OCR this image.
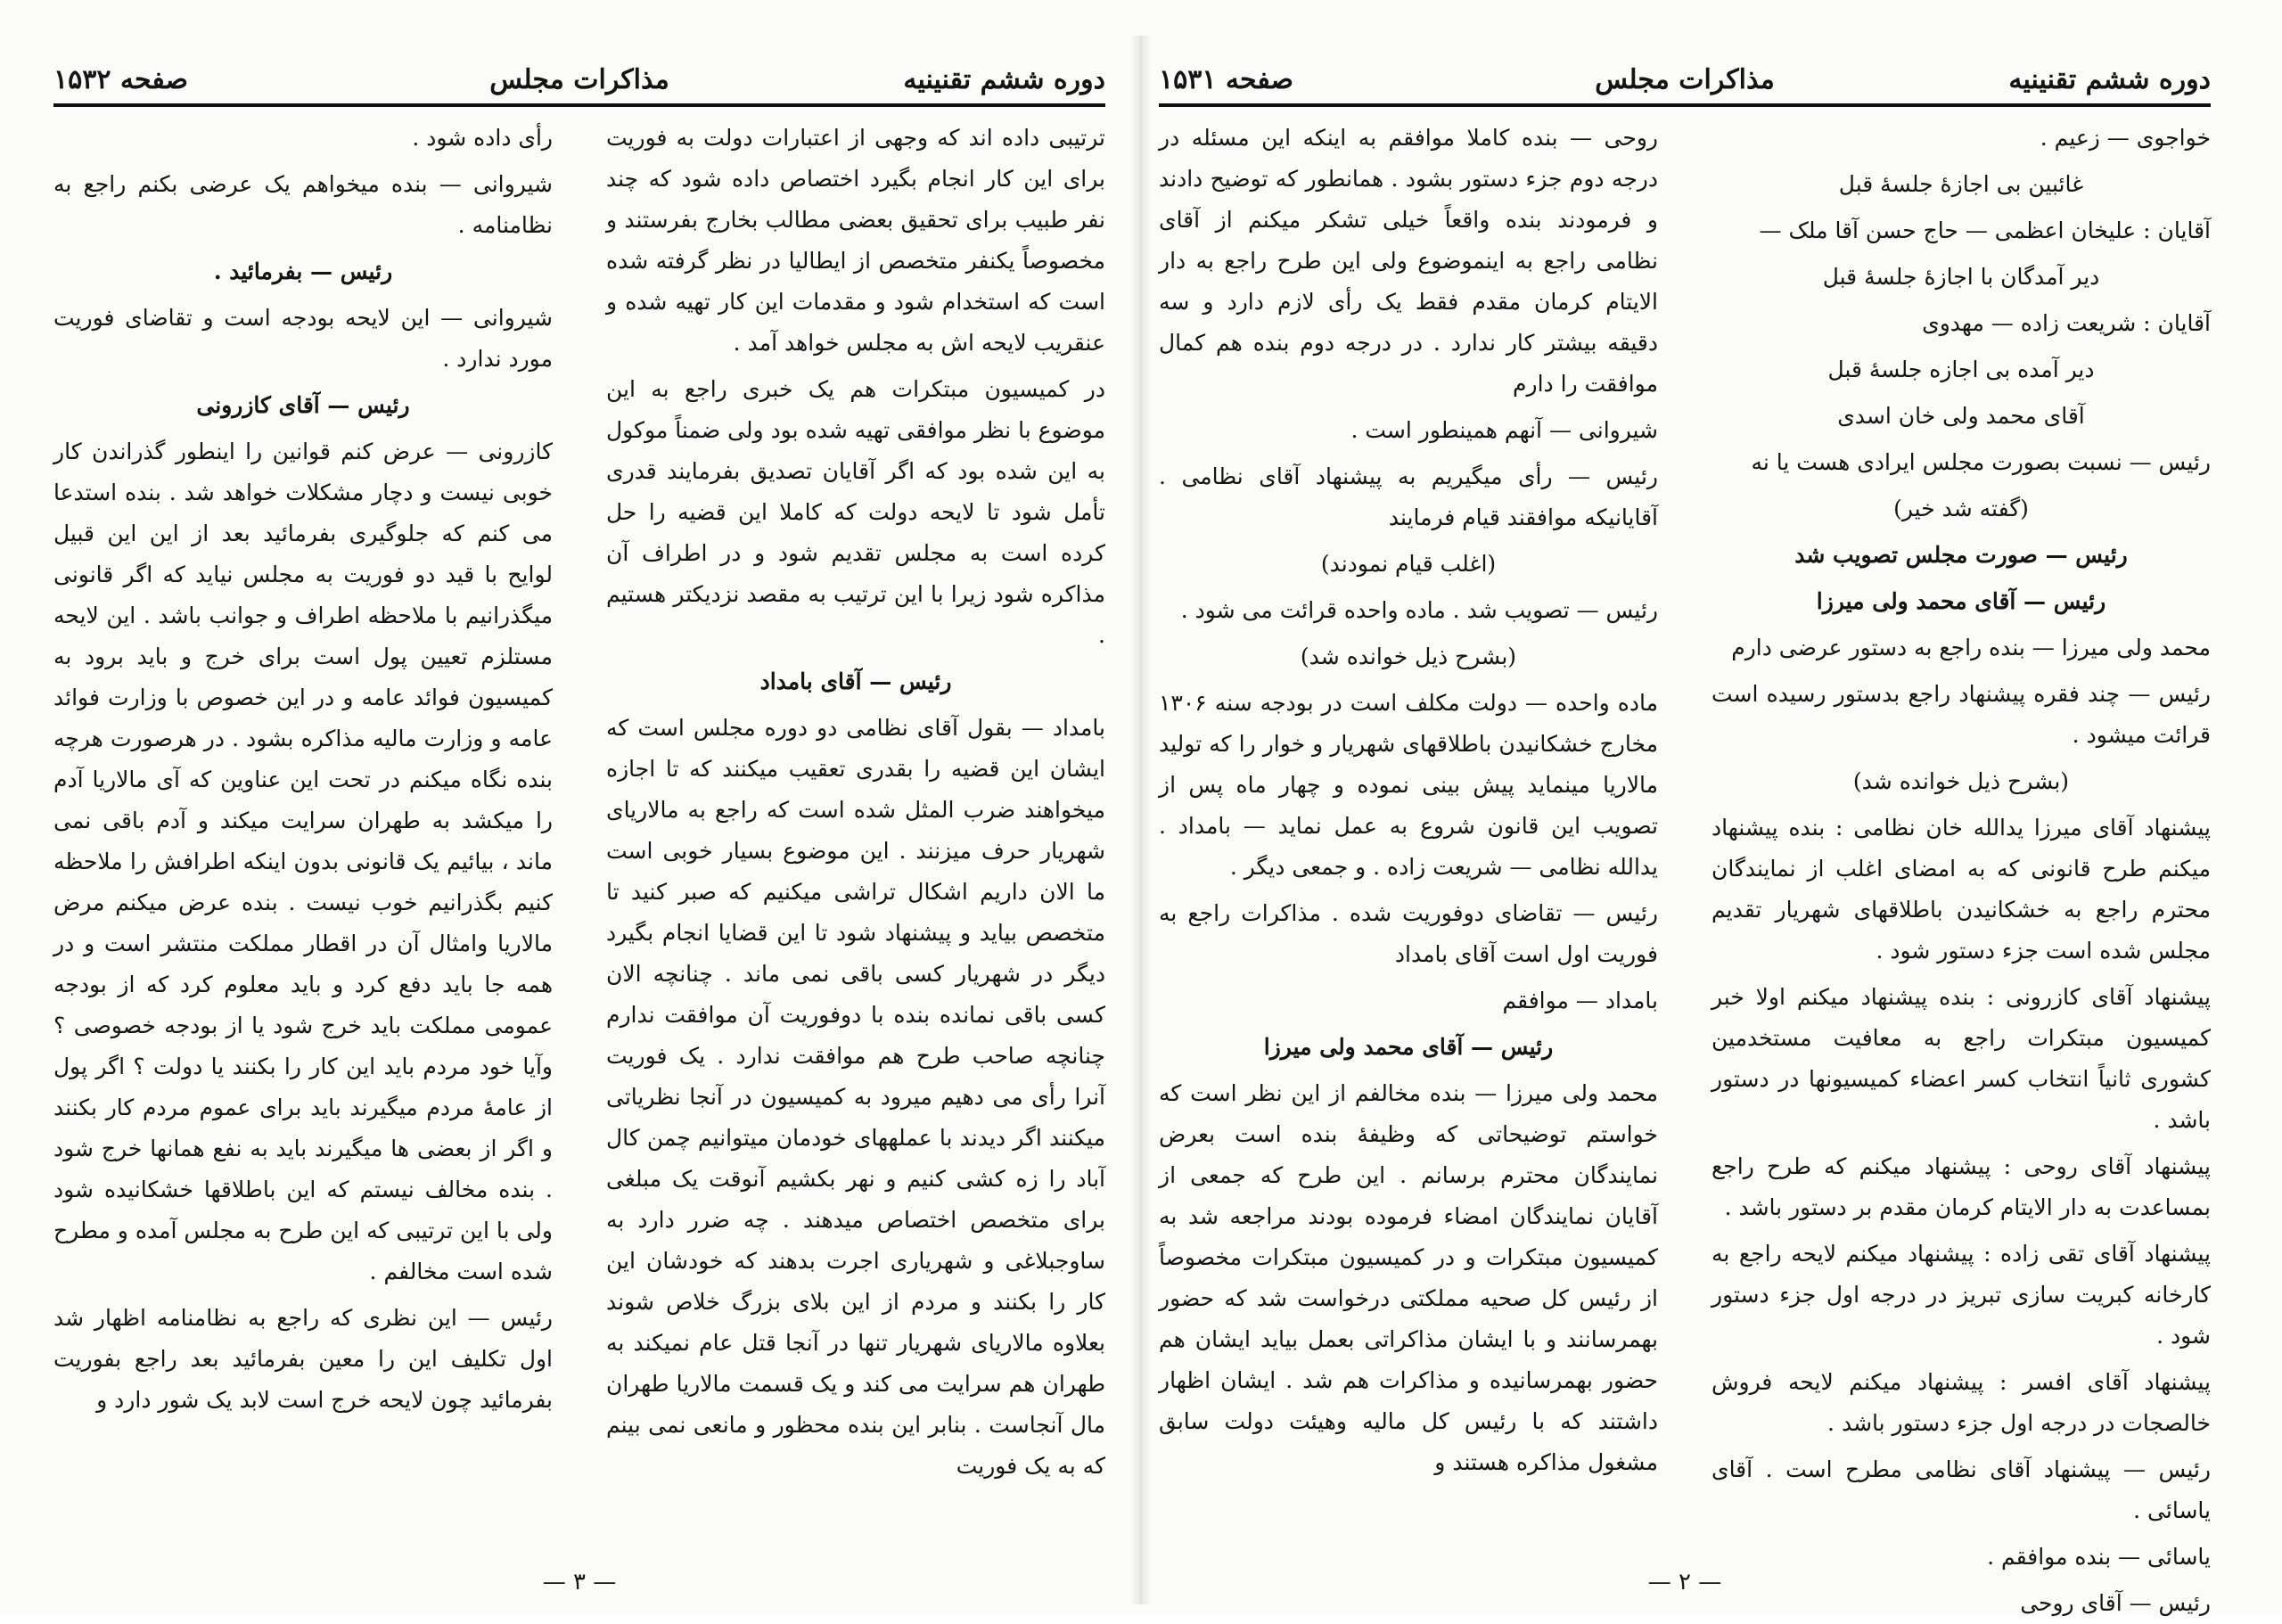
دوره ششم تقنینیه
مذاکرات مجلس
صفحه ۱۵۳۲

ترتیبی داده اند که وجهی از اعتبارات دولت به فوریت برای این کار انجام بگیرد اختصاص داده شود که چند نفر طبیب برای تحقیق بعضی مطالب بخارج بفرستند و مخصوصاً یکنفر متخصص از ایطالیا در نظر گرفته شده است که استخدام شود و مقدمات این کار تهیه شده و عنقریب لایحه اش به مجلس خواهد آمد .

در کمیسیون مبتکرات هم یک خبری راجع به این موضوع با نظر موافقی تهیه شده بود ولی ضمناً موکول به این شده بود که اگر آقایان تصدیق بفرمایند قدری تأمل شود تا لایحه دولت که کاملا این قضیه را حل کرده است به مجلس تقدیم شود و در اطراف آن مذاکره شود زیرا با این ترتیب به مقصد نزدیکتر هستیم .

رئیس — آقای بامداد

بامداد — بقول آقای نظامی دو دوره مجلس است که ایشان این قضیه را بقدری تعقیب میکنند که تا اجازه میخواهند ضرب المثل شده است که راجع به مالاریای شهریار حرف میزنند . این موضوع بسیار خوبی است ما الان داریم اشکال تراشی میکنیم که صبر کنید تا متخصص بیاید و پیشنهاد شود تا این قضایا انجام بگیرد دیگر در شهریار کسی باقی نمی ماند . چنانچه الان کسی باقی نمانده بنده با دوفوریت آن موافقت ندارم چنانچه صاحب طرح هم موافقت ندارد . یک فوریت آنرا رأی می دهیم میرود به کمیسیون در آنجا نظریاتی میکنند اگر دیدند با عملههای خودمان میتوانیم چمن کال آباد را زه کشی کنیم و نهر بکشیم آنوقت یک مبلغی برای متخصص اختصاص میدهند . چه ضرر دارد به ساوجبلاغی و شهریاری اجرت بدهند که خودشان این کار را بکنند و مردم از این بلای بزرگ خلاص شوند بعلاوه مالاریای شهریار تنها در آنجا قتل عام نمیکند به طهران هم سرایت می کند و یک قسمت مالاریا طهران مال آنجاست . بنابر این بنده محظور و مانعی نمی بینم که به یک فوریت

رأی داده شود .

شیروانی — بنده میخواهم یک عرضی بکنم راجع به نظامنامه .

رئیس — بفرمائید .

شیروانی — این لایحه بودجه است و تقاضای فوریت مورد ندارد .

رئیس — آقای کازرونی

کازرونی — عرض کنم قوانین را اینطور گذراندن کار خوبی نیست و دچار مشکلات خواهد شد . بنده استدعا می کنم که جلوگیری بفرمائید بعد از این این قبیل لوایح با قید دو فوریت به مجلس نیاید که اگر قانونی میگذرانیم با ملاحظه اطراف و جوانب باشد . این لایحه مستلزم تعیین پول است برای خرج و باید برود به کمیسیون فوائد عامه و در این خصوص با وزارت فوائد عامه و وزارت مالیه مذاکره بشود . در هرصورت هرچه بنده نگاه میکنم در تحت این عناوین که آی مالاریا آدم را میکشد به طهران سرایت میکند و آدم باقی نمی ماند ، بیائیم یک قانونی بدون اینکه اطرافش را ملاحظه کنیم بگذرانیم خوب نیست . بنده عرض میکنم مرض مالاریا وامثال آن در اقطار مملکت منتشر است و در همه جا باید دفع کرد و باید معلوم کرد که از بودجه عمومی مملکت باید خرج شود یا از بودجه خصوصی ؟ وآیا خود مردم باید این کار را بکنند یا دولت ؟ اگر پول از عامهٔ مردم میگیرند باید برای عموم مردم کار بکنند و اگر از بعضی ها میگیرند باید به نفع همانها خرج شود . بنده مخالف نیستم که این باطلاقها خشکانیده شود ولی با این ترتیبی که این طرح به مجلس آمده و مطرح شده است مخالفم .

رئیس — این نظری که راجع به نظامنامه اظهار شد اول تکلیف این را معین بفرمائید بعد راجع بفوریت بفرمائید چون لایحه خرج است لابد یک شور دارد و

— ۳ —
دوره ششم تقنینیه
مذاکرات مجلس
صفحه ۱۵۳۱

خواجوی — زعیم .

غائبین بی اجازهٔ جلسهٔ قبل

آقایان : علیخان اعظمی — حاج حسن آقا ملک —

دیر آمدگان با اجازهٔ جلسهٔ قبل

آقایان : شریعت زاده — مهدوی

دیر آمده بی اجازه جلسهٔ قبل

آقای محمد ولی خان اسدی

رئیس — نسبت بصورت مجلس ایرادی هست یا نه

(گفته شد خیر)

رئیس — صورت مجلس تصویب شد

رئیس — آقای محمد ولی میرزا

محمد ولی میرزا — بنده راجع به دستور عرضی دارم

رئیس — چند فقره پیشنهاد راجع بدستور رسیده است قرائت میشود .

(بشرح ذیل خوانده شد)

پیشنهاد آقای میرزا یدالله خان نظامی : بنده پیشنهاد میکنم طرح قانونی که به امضای اغلب از نمایندگان محترم راجع به خشکانیدن باطلاقهای شهریار تقدیم مجلس شده است جزء دستور شود .

پیشنهاد آقای کازرونی : بنده پیشنهاد میکنم اولا خبر کمیسیون مبتکرات راجع به معافیت مستخدمین کشوری ثانیاً انتخاب کسر اعضاء کمیسیونها در دستور باشد .

پیشنهاد آقای روحی : پیشنهاد میکنم که طرح راجع بمساعدت به دار الایتام کرمان مقدم بر دستور باشد .

پیشنهاد آقای تقی زاده : پیشنهاد میکنم لایحه راجع به کارخانه کبریت سازی تبریز در درجه اول جزء دستور شود .

پیشنهاد آقای افسر : پیشنهاد میکنم لایحه فروش خالصجات در درجه اول جزء دستور باشد .

رئیس — پیشنهاد آقای نظامی مطرح است . آقای یاسائی .

یاسائی — بنده موافقم .

رئیس — آقای روحی

روحی — بنده کاملا موافقم به اینکه این مسئله در درجه دوم جزء دستور بشود . همانطور که توضیح دادند و فرمودند بنده واقعاً خیلی تشکر میکنم از آقای نظامی راجع به اینموضوع ولی این طرح راجع به دار الایتام کرمان مقدم فقط یک رأی لازم دارد و سه دقیقه بیشتر کار ندارد . در درجه دوم بنده هم کمال موافقت را دارم

شیروانی — آنهم همینطور است .

رئیس — رأی میگیریم به پیشنهاد آقای نظامی . آقایانیکه موافقند قیام فرمایند

(اغلب قیام نمودند)

رئیس — تصویب شد . ماده واحده قرائت می شود .

(بشرح ذیل خوانده شد)

ماده واحده — دولت مکلف است در بودجه سنه ۱۳۰۶ مخارج خشکانیدن باطلاقهای شهریار و خوار را که تولید مالاریا مینماید پیش بینی نموده و چهار ماه پس از تصویب این قانون شروع به عمل نماید — بامداد . یدالله نظامی — شریعت زاده . و جمعی دیگر .

رئیس — تقاضای دوفوریت شده . مذاکرات راجع به فوریت اول است آقای بامداد

بامداد — موافقم

رئیس — آقای محمد ولی میرزا

محمد ولی میرزا — بنده مخالفم از این نظر است که خواستم توضیحاتی که وظیفهٔ بنده است بعرض نمایندگان محترم برسانم . این طرح که جمعی از آقایان نمایندگان امضاء فرموده بودند مراجعه شد به کمیسیون مبتکرات و در کمیسیون مبتکرات مخصوصاً از رئیس کل صحیه مملکتی درخواست شد که حضور بهمرسانند و با ایشان مذاکراتی بعمل بیاید ایشان هم حضور بهمرسانیده و مذاکرات هم شد . ایشان اظهار داشتند که با رئیس کل مالیه وهیئت دولت سابق مشغول مذاکره هستند و

— ۲ —
